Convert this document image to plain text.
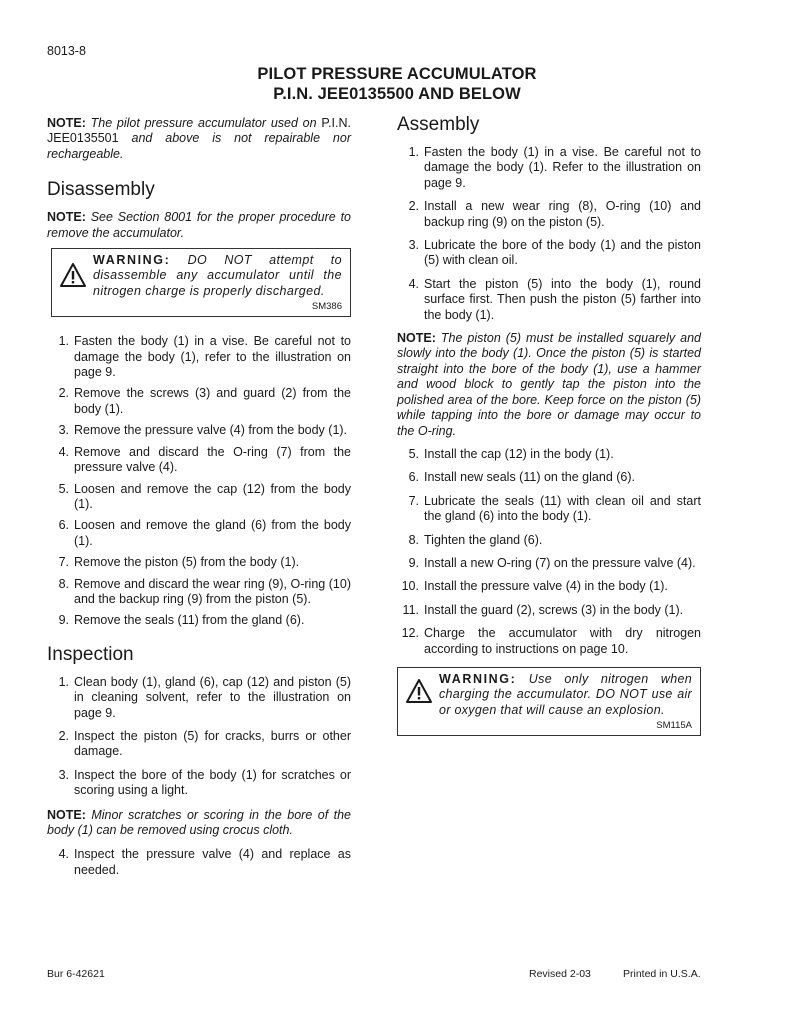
8013-8
PILOT PRESSURE ACCUMULATOR
P.I.N. JEE0135500 AND BELOW

NOTE: The pilot pressure accumulator used on P.I.N. JEE0135501 and above is not repairable nor rechargeable.

Disassembly

NOTE: See Section 8001 for the proper procedure to remove the accumulator.

WARNING: DO NOT attempt to disassemble any accumulator until the nitrogen charge is properly discharged.
SM386
1. Fasten the body (1) in a vise. Be careful not to damage the body (1), refer to the illustration on page 9.
2. Remove the screws (3) and guard (2) from the body (1).
3. Remove the pressure valve (4) from the body (1).
4. Remove and discard the O-ring (7) from the pressure valve (4).
5. Loosen and remove the cap (12) from the body (1).
6. Loosen and remove the gland (6) from the body (1).
7. Remove the piston (5) from the body (1).
8. Remove and discard the wear ring (9), O-ring (10) and the backup ring (9) from the piston (5).
9. Remove the seals (11) from the gland (6).
Inspection
1. Clean body (1), gland (6), cap (12) and piston (5) in cleaning solvent, refer to the illustration on page 9.
2. Inspect the piston (5) for cracks, burrs or other damage.
3. Inspect the bore of the body (1) for scratches or scoring using a light.

NOTE: Minor scratches or scoring in the bore of the body (1) can be removed using crocus cloth.

4. Inspect the pressure valve (4) and replace as needed.
Assembly
1. Fasten the body (1) in a vise. Be careful not to damage the body (1). Refer to the illustration on page 9.
2. Install a new wear ring (8), O-ring (10) and backup ring (9) on the piston (5).
3. Lubricate the bore of the body (1) and the piston (5) with clean oil.
4. Start the piston (5) into the body (1), round surface first. Then push the piston (5) farther into the body (1).

NOTE: The piston (5) must be installed squarely and slowly into the body (1). Once the piston (5) is started straight into the bore of the body (1), use a hammer and wood block to gently tap the piston into the polished area of the bore. Keep force on the piston (5) while tapping into the bore or damage may occur to the O-ring.

5. Install the cap (12) in the body (1).
6. Install new seals (11) on the gland (6).
7. Lubricate the seals (11) with clean oil and start the gland (6) into the body (1).
8. Tighten the gland (6).
9. Install a new O-ring (7) on the pressure valve (4).
10. Install the pressure valve (4) in the body (1).
11. Install the guard (2), screws (3) in the body (1).
12. Charge the accumulator with dry nitrogen according to instructions on page 10.
WARNING: Use only nitrogen when charging the accumulator. DO NOT use air or oxygen that will cause an explosion.
SM115A
Bur 6-42621	Revised 2-03	Printed in U.S.A.
